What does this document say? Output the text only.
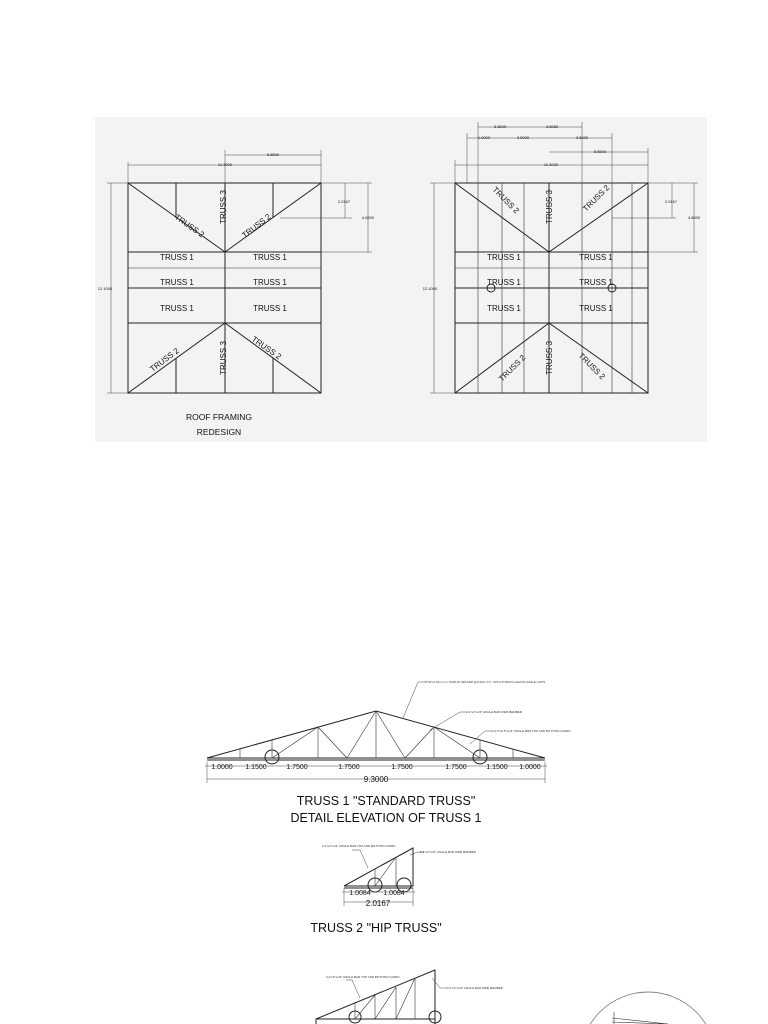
11.3000
5.6500
2.0167
4.6500
12.1000
TRUSS 2
TRUSS 3
TRUSS 2
TRUSS 1	TRUSS 1
TRUSS 1	TRUSS 1
TRUSS 1	TRUSS 1
TRUSS 2	TRUSS 3	TRUSS 2
ROOF FRAMING
REDESIGN
3.3849	3.6080
1.0000	3.5000	3.5000
5.6500
11.3000
2.0167
4.6500
12.1000
TRUSS 2	TRUSS 3	TRUSS 2
TRUSS 1	TRUSS 1
TRUSS 1	TRUSS 1
TRUSS 1	TRUSS 1
TRUSS 2 TRUSS 3	TRUSS 2
8"x8"x1.5mm G.I. PURLIN SPACED @0.60m O.C. WITH PURLIN CLEATS ANGLE CLIPS
2-2"x2"x1/4" ANGLE BAR WEB MEMBER
2-2.5"x2.5"x1/4" ANGLE BAR TOP AND BOTTOM CHORD
1.0000 1.1500	1.7500	1.7500	1.7500	1.7500	1.1500 1.0000
9.3000
TRUSS 1 "STANDARD TRUSS"
DETAIL ELEVATION OF TRUSS 1
2-2"x2"x1/4" ANGLE BAR TOP AND BOTTOM CHORD
2-2"x2"x1/4" ANGLE BAR WEB MEMBER
1.0084 1.0084
2.0167
TRUSS 2 "HIP TRUSS"
2-2"x2"x1/4" ANGLE BAR TOP AND BOTTOM CHORD
2-2"x2"x1/4" ANGLE BAR WEB MEMBER
